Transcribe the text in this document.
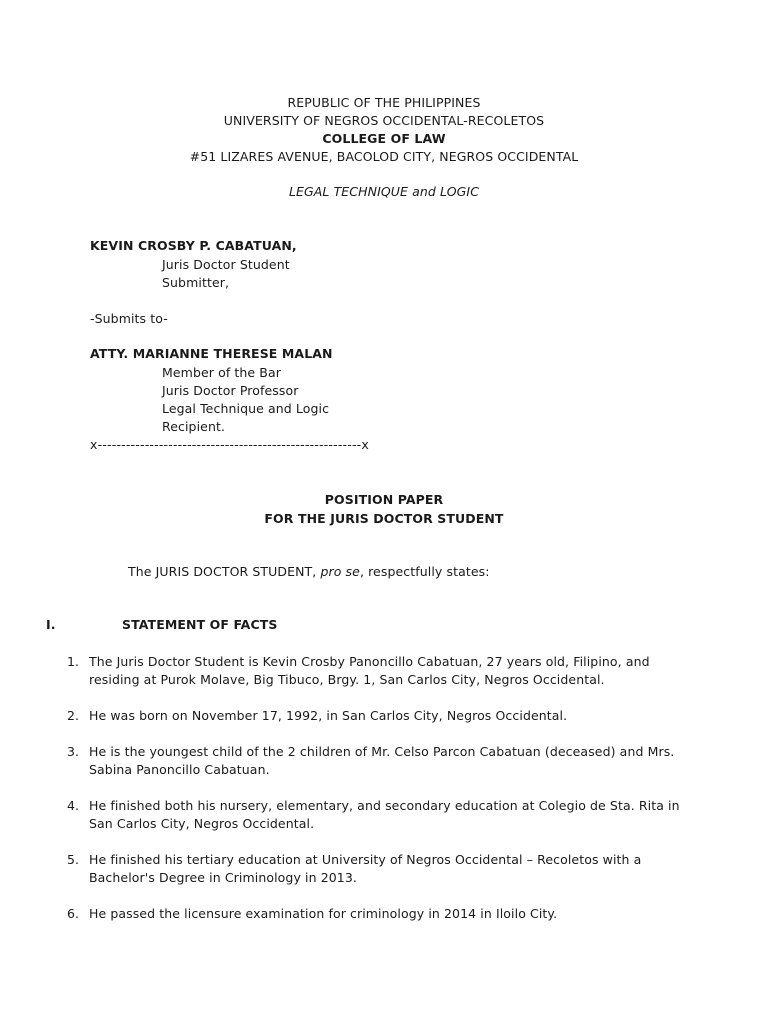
REPUBLIC OF THE PHILIPPINES
UNIVERSITY OF NEGROS OCCIDENTAL-RECOLETOS
COLLEGE OF LAW
#51 LIZARES AVENUE, BACOLOD CITY, NEGROS OCCIDENTAL
LEGAL TECHNIQUE and LOGIC
KEVIN CROSBY P. CABATUAN,
Juris Doctor Student
Submitter,
-Submits to-
ATTY. MARIANNE THERESE MALAN
Member of the Bar
Juris Doctor Professor
Legal Technique and Logic
Recipient.
x--------------------------------------------------------x
POSITION PAPER
FOR THE JURIS DOCTOR STUDENT
The JURIS DOCTOR STUDENT, pro se, respectfully states:
I.	STATEMENT OF FACTS
1. The Juris Doctor Student is Kevin Crosby Panoncillo Cabatuan, 27 years old, Filipino, and residing at Purok Molave, Big Tibuco, Brgy. 1, San Carlos City, Negros Occidental.
2. He was born on November 17, 1992, in San Carlos City, Negros Occidental.
3. He is the youngest child of the 2 children of Mr. Celso Parcon Cabatuan (deceased) and Mrs. Sabina Panoncillo Cabatuan.
4. He finished both his nursery, elementary, and secondary education at Colegio de Sta. Rita in San Carlos City, Negros Occidental.
5. He finished his tertiary education at University of Negros Occidental – Recoletos with a Bachelor's Degree in Criminology in 2013.
6. He passed the licensure examination for criminology in 2014 in Iloilo City.
